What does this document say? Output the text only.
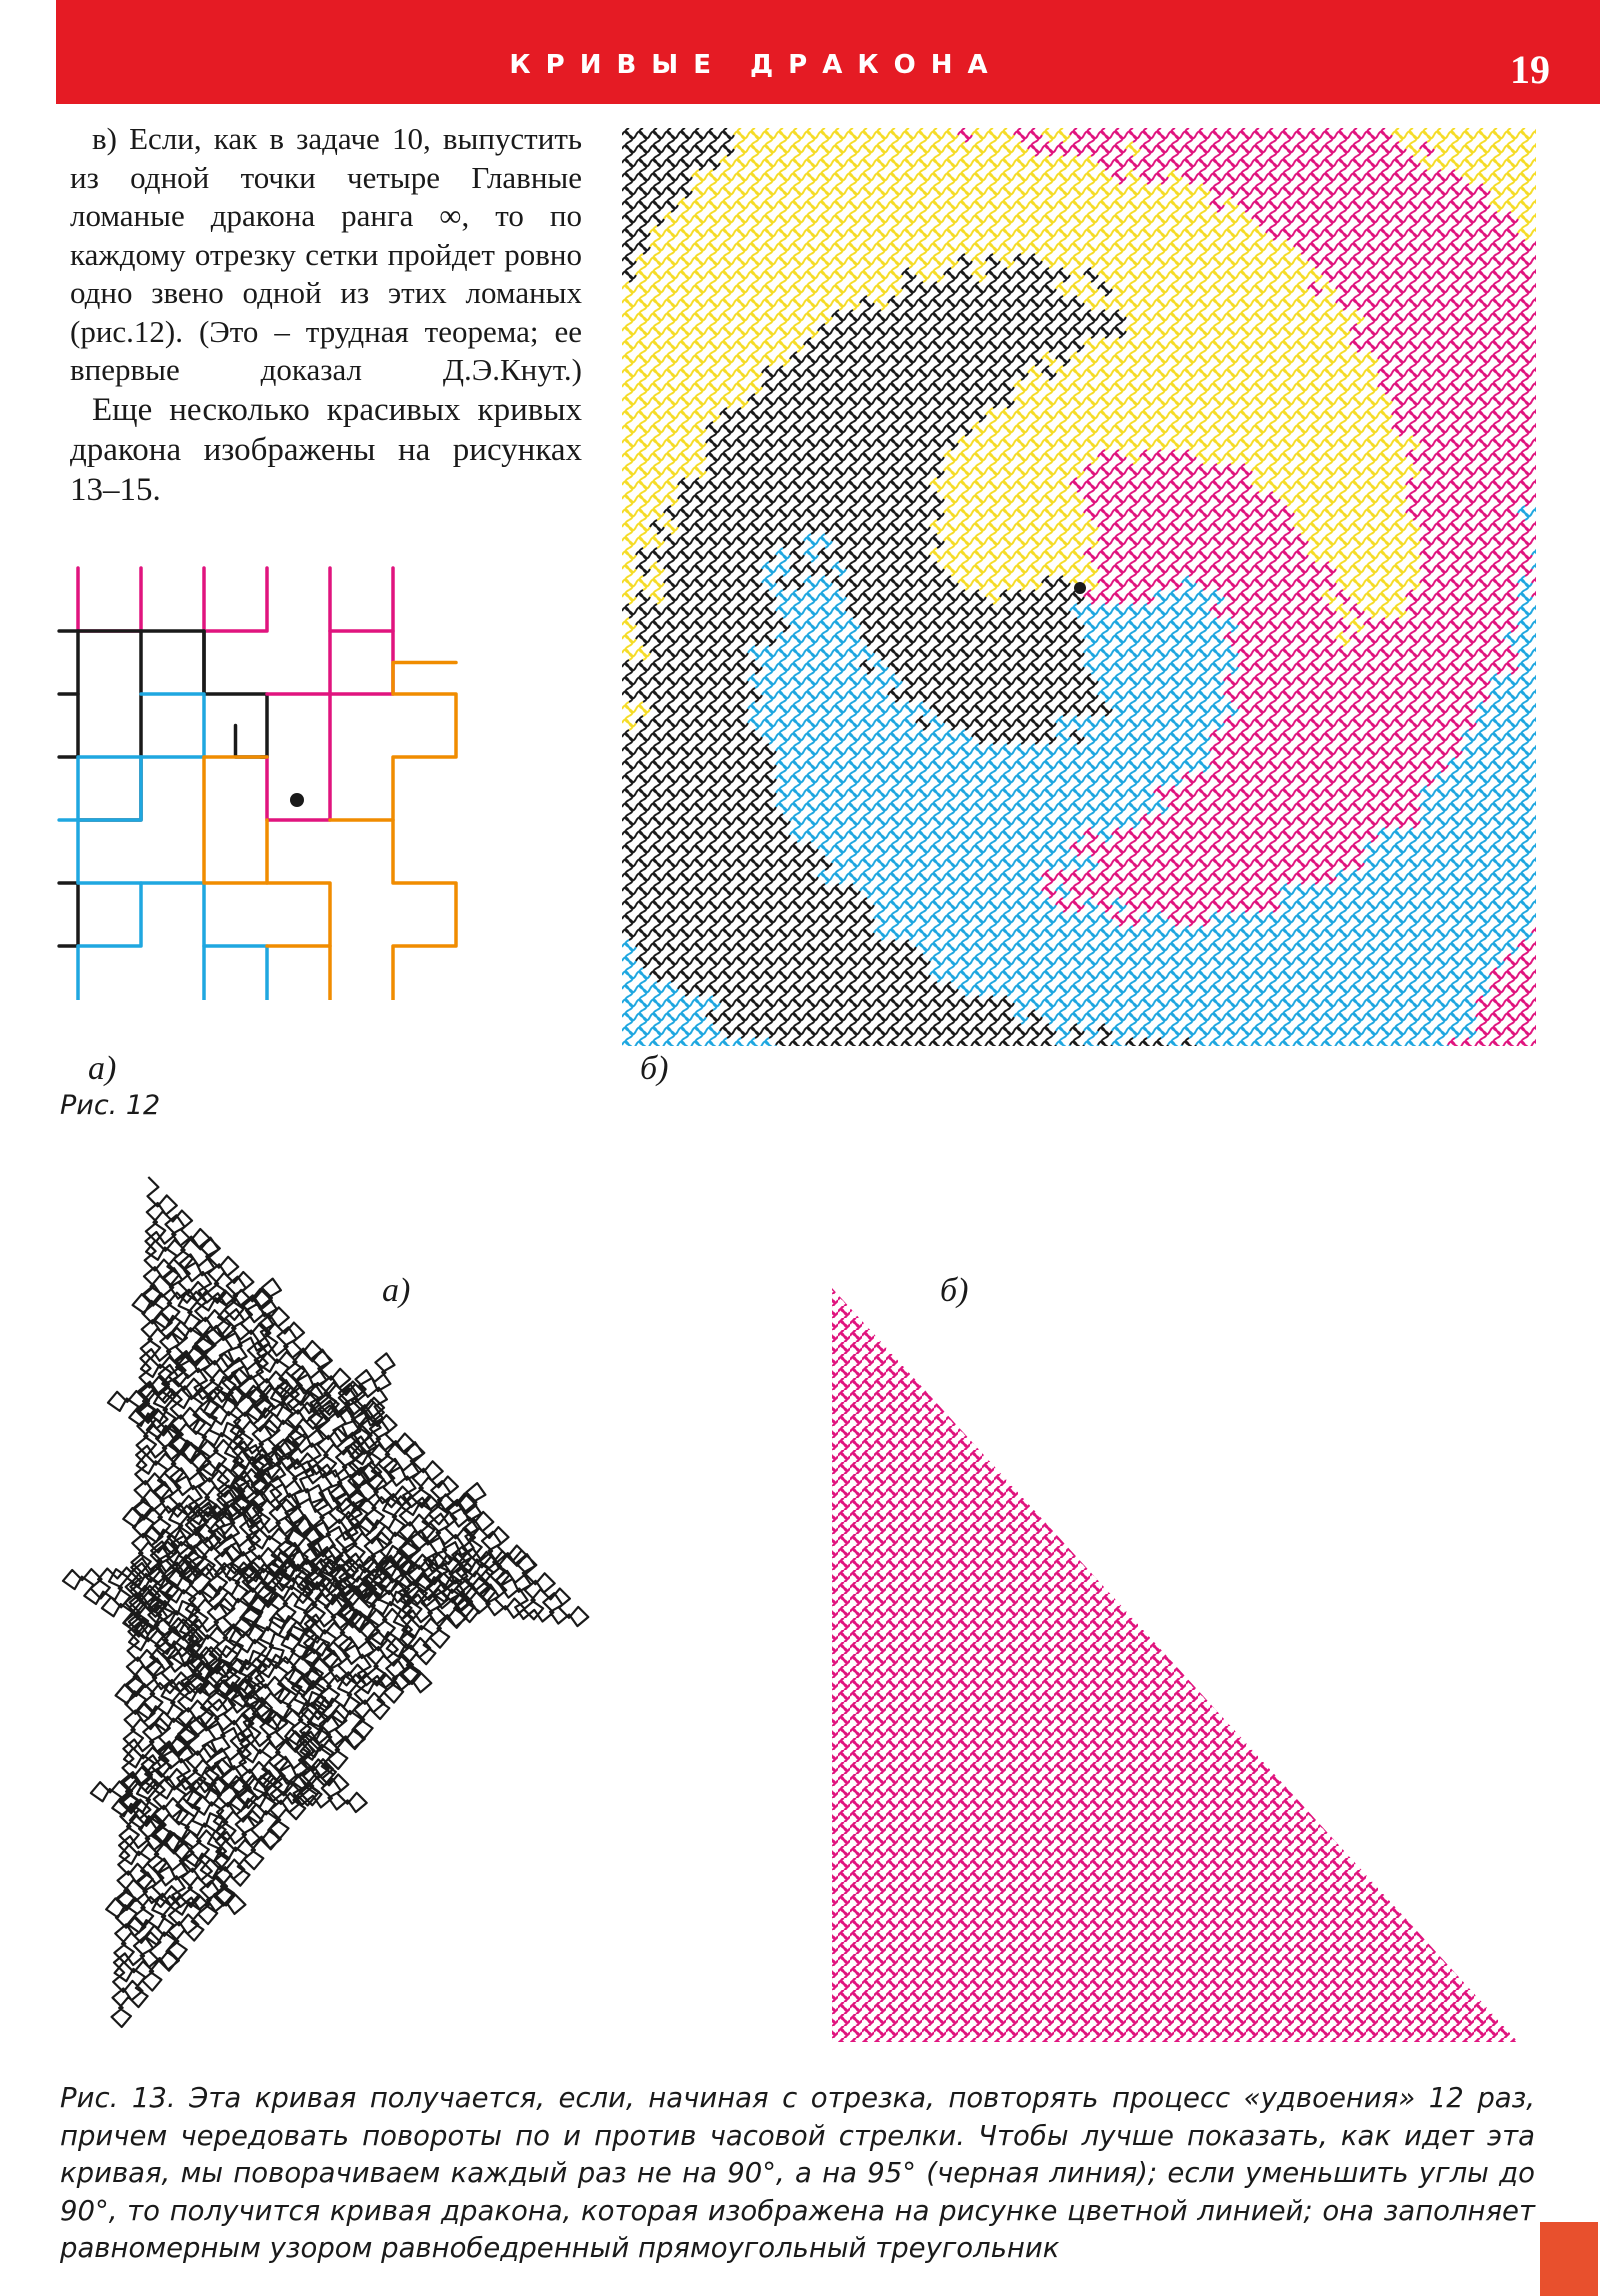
КРИВЫЕ ДРАКОНА	19

в) Если, как в задаче 10, выпустить из одной точки четыре Главные ломаные дракона ранга ∞, то по каждому отрезку сетки пройдет ровно одно звено одной из этих ломаных (рис.12). (Это – трудная теорема; ее впервые доказал Д.Э.Кнут.)

Еще несколько красивых кривых дракона изображены на рисунках 13–15.

а)
Рис. 12
б)
а)	б)
Рис. 13. Эта кривая получается, если, начиная с отрезка, повторять процесс «удвоения» 12 раз, причем чередовать повороты по и против часовой стрелки. Чтобы лучше показать, как идет эта кривая, мы поворачиваем каждый раз не на 90°, а на 95° (черная линия); если уменьшить углы до 90°, то получится кривая дракона, которая изображена на рисунке цветной линией; она заполняет равномерным узором равнобедренный прямоугольный треугольник
